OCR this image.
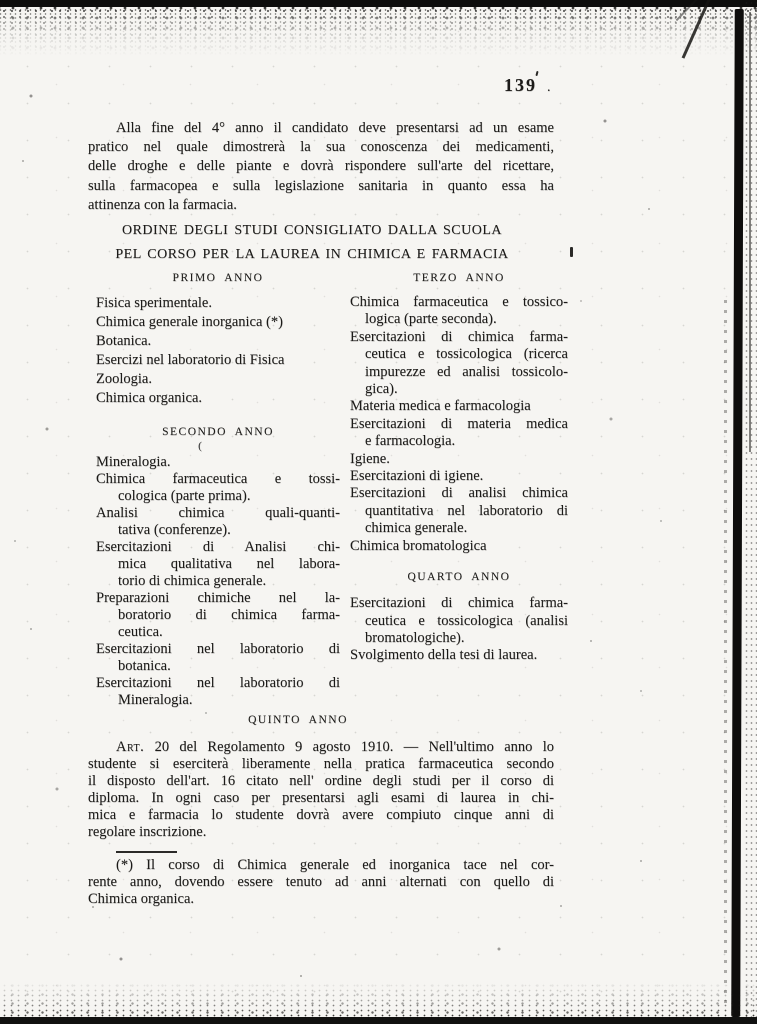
139 .
Alla fine del 4° anno il candidato deve presentarsi ad un esame
pratico nel quale dimostrerà la sua conoscenza dei medicamenti,
delle droghe e delle piante e dovrà rispondere sull'arte del ricettare,
sulla farmacopea e sulla legislazione sanitaria in quanto essa ha
attinenza con la farmacia.
ORDINE DEGLI STUDI CONSIGLIATO DALLA SCUOLA
PEL CORSO PER LA LAUREA IN CHIMICA E FARMACIA
PRIMO ANNO
Fisica sperimentale.
Chimica generale inorganica (*)
Botanica.
Esercizi nel laboratorio di Fisica
Zoologia.
Chimica organica.
SECONDO ANNO
(
Mineralogia.
Chimica farmaceutica e tossi-
cologica (parte prima).
Analisi chimica quali-quanti-
tativa (conferenze).
Esercitazioni di Analisi chi-
mica qualitativa nel labora-
torio di chimica generale.
Preparazioni chimiche nel la-
boratorio di chimica farma-
ceutica.
Esercitazioni nel laboratorio di
botanica.
Esercitazioni nel laboratorio di
Mineralogia.
TERZO ANNO
Chimica farmaceutica e tossico-
logica (parte seconda).
Esercitazioni di chimica farma-
ceutica e tossicologica (ricerca
impurezze ed analisi tossicolo-
gica).
Materia medica e farmacologia
Esercitazioni di materia medica
e farmacologia.
Igiene.
Esercitazioni di igiene.
Esercitazioni di analisi chimica
quantitativa nel laboratorio di
chimica generale.
Chimica bromatologica
QUARTO ANNO
Esercitazioni di chimica farma-
ceutica e tossicologica (analisi
bromatologiche).
Svolgimento della tesi di laurea.
QUINTO ANNO
Art. 20 del Regolamento 9 agosto 1910. — Nell'ultimo anno lo
studente si eserciterà liberamente nella pratica farmaceutica secondo
il disposto dell'art. 16 citato nell' ordine degli studi per il corso di
diploma. In ogni caso per presentarsi agli esami di laurea in chi-
mica e farmacia lo studente dovrà avere compiuto cinque anni di
regolare inscrizione.
(*) Il corso di Chimica generale ed inorganica tace nel cor-
rente anno, dovendo essere tenuto ad anni alternati con quello di
Chimica organica.
